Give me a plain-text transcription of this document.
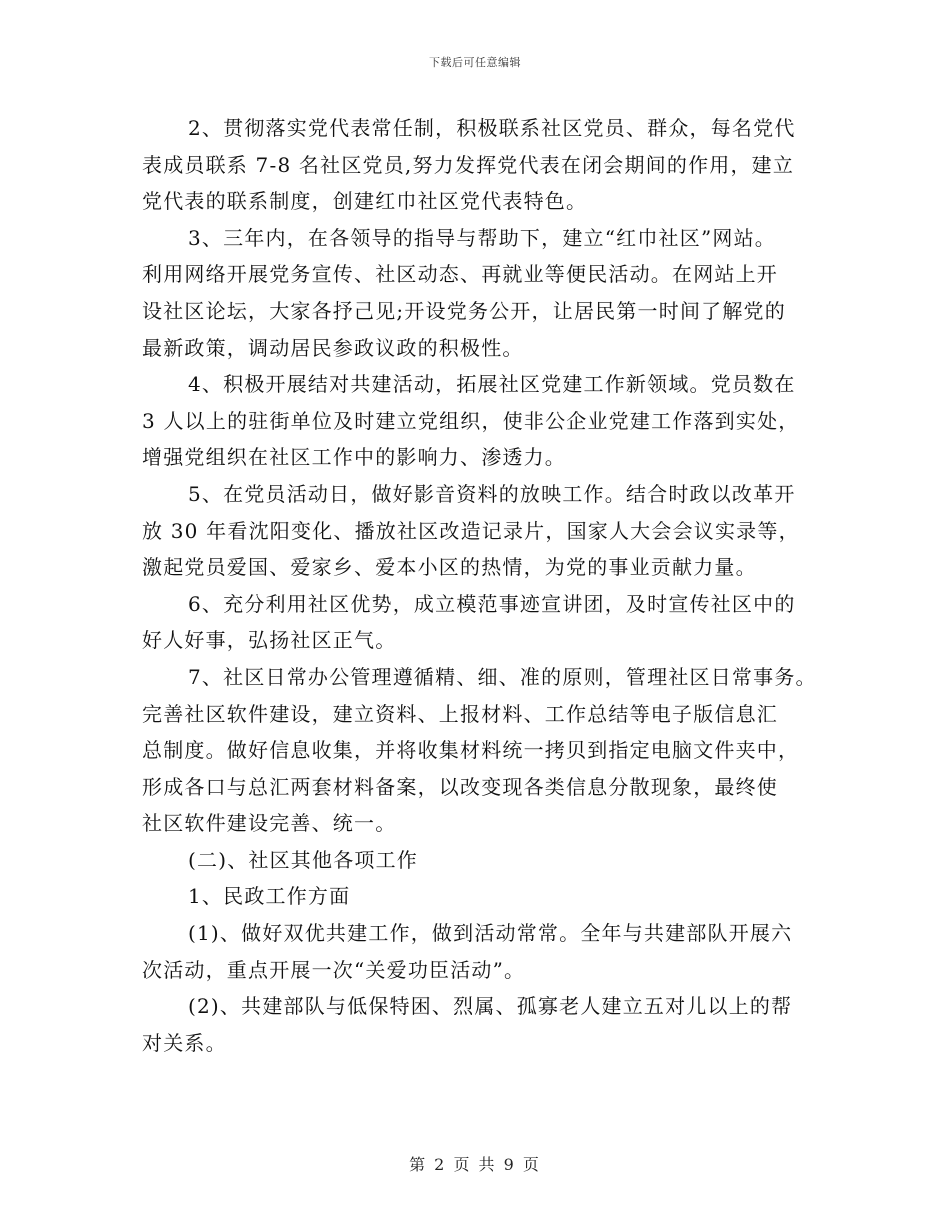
下载后可任意编辑
2、贯彻落实党代表常任制，积极联系社区党员、群众，每名党代
表成员联系 7-8 名社区党员,努力发挥党代表在闭会期间的作用，建立
党代表的联系制度，创建红巾社区党代表特色。
3、三年内，在各领导的指导与帮助下，建立“红巾社区”网站。
利用网络开展党务宣传、社区动态、再就业等便民活动。在网站上开
设社区论坛，大家各抒己见;开设党务公开，让居民第一时间了解党的
最新政策，调动居民参政议政的积极性。
4、积极开展结对共建活动，拓展社区党建工作新领域。党员数在
3 人以上的驻街单位及时建立党组织，使非公企业党建工作落到实处，
增强党组织在社区工作中的影响力、渗透力。
5、在党员活动日，做好影音资料的放映工作。结合时政以改革开
放 30 年看沈阳变化、播放社区改造记录片，国家人大会会议实录等，
激起党员爱国、爱家乡、爱本小区的热情，为党的事业贡献力量。
6、充分利用社区优势，成立模范事迹宣讲团，及时宣传社区中的
好人好事，弘扬社区正气。
7、社区日常办公管理遵循精、细、准的原则，管理社区日常事务。
完善社区软件建设，建立资料、上报材料、工作总结等电子版信息汇
总制度。做好信息收集，并将收集材料统一拷贝到指定电脑文件夹中，
形成各口与总汇两套材料备案，以改变现各类信息分散现象，最终使
社区软件建设完善、统一。
(二)、社区其他各项工作
1、民政工作方面
(1)、做好双优共建工作，做到活动常常。全年与共建部队开展六
次活动，重点开展一次“关爱功臣活动”。
(2)、共建部队与低保特困、烈属、孤寡老人建立五对儿以上的帮
对关系。
第 2 页 共 9 页
